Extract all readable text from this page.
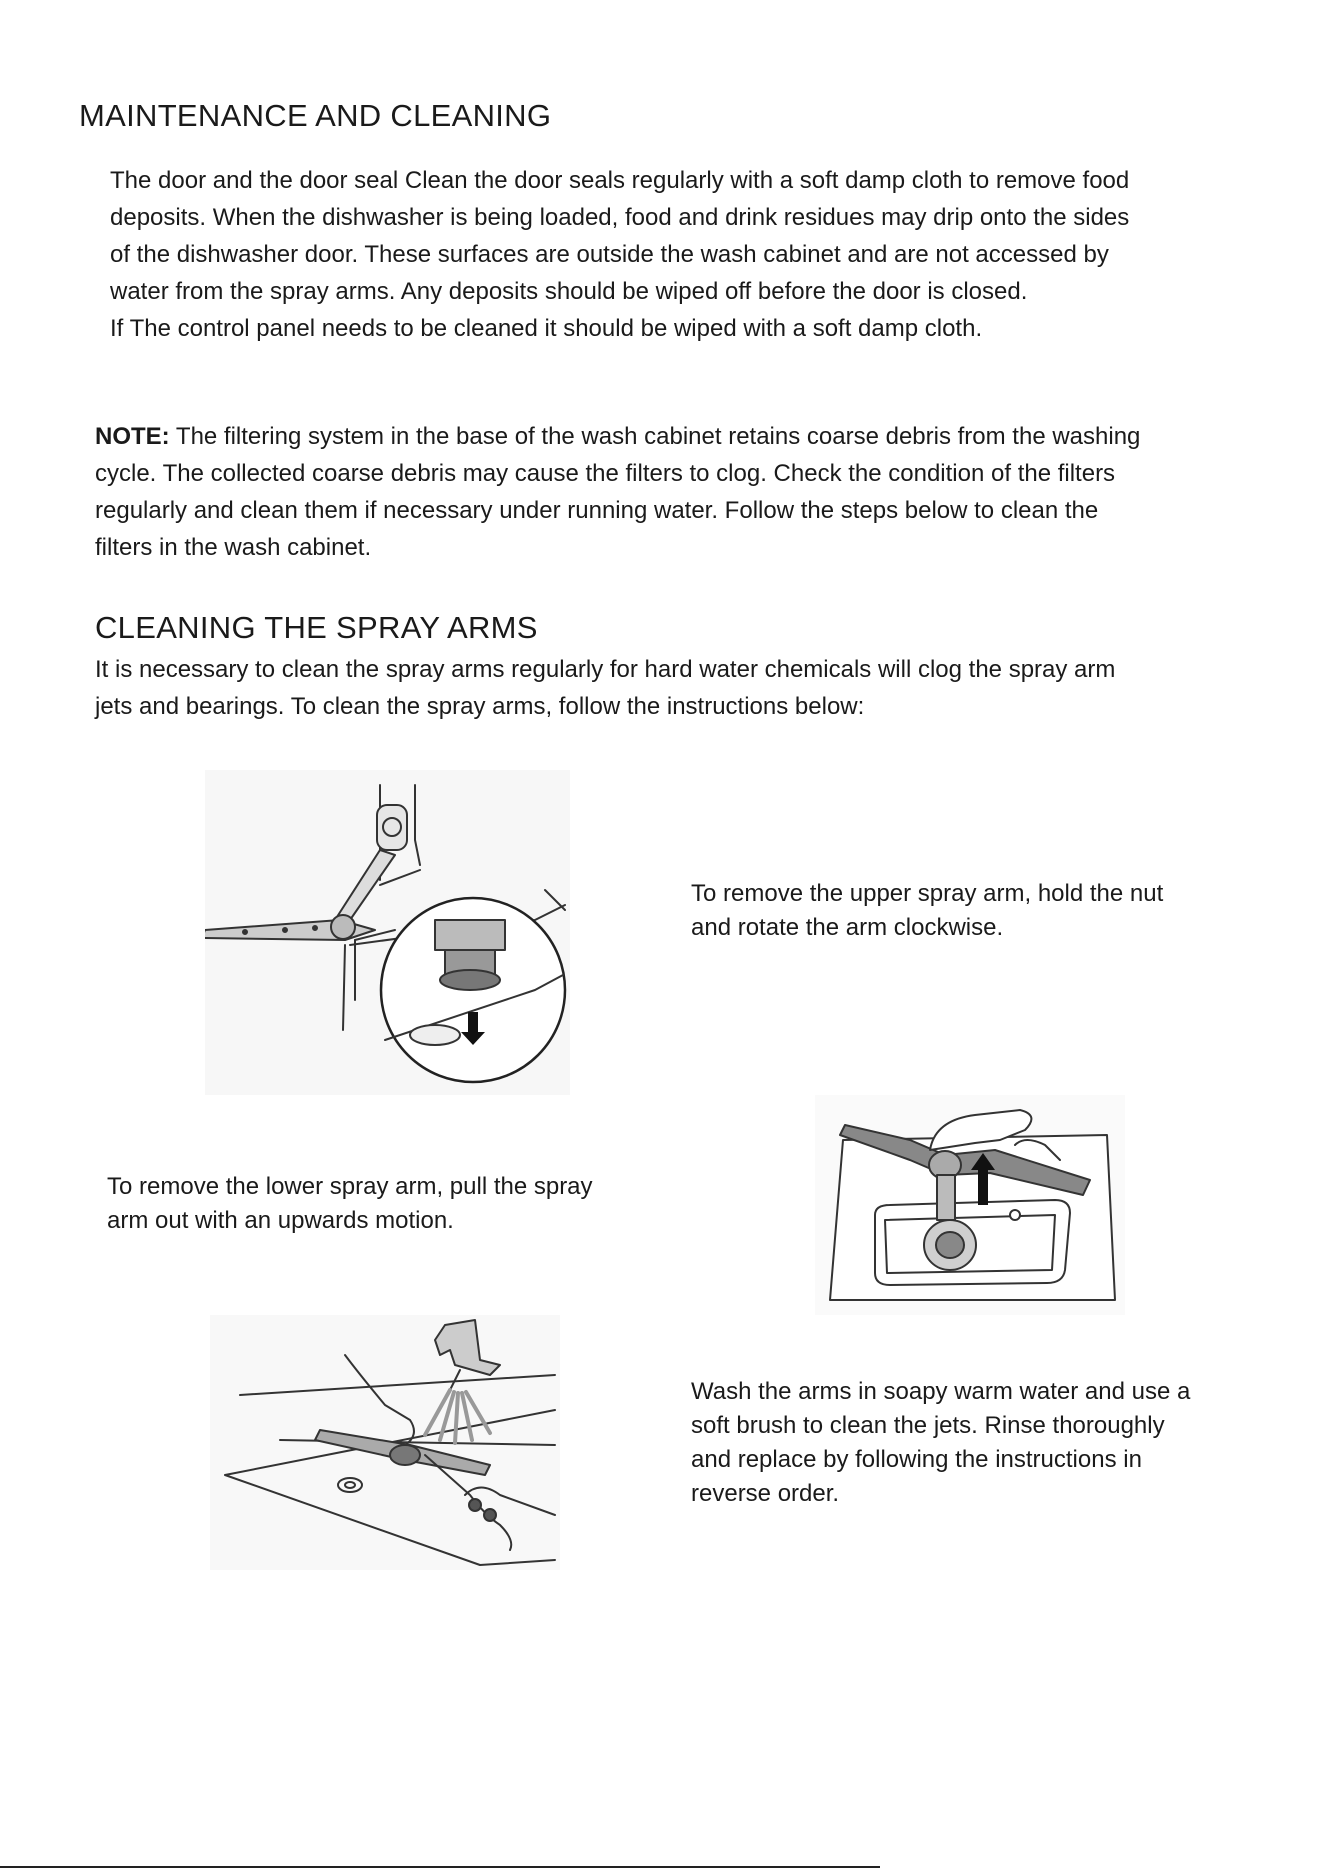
MAINTENANCE AND CLEANING

The door and the door seal Clean the door seals regularly with a soft damp cloth to remove food
deposits. When the dishwasher is being loaded, food and drink residues may drip onto the sides
of the dishwasher door. These surfaces are outside the wash cabinet and are not accessed by
water from the spray arms. Any deposits should be wiped off before the door is closed.
If The control panel needs to be cleaned it should be wiped with a soft damp cloth.

NOTE: The filtering system in the base of the wash cabinet retains coarse debris from the washing
cycle. The collected coarse debris may cause the filters to clog. Check the condition of the filters
regularly and clean them if necessary under running water. Follow the steps below to clean the
filters in the wash cabinet.

CLEANING THE SPRAY ARMS

It is necessary to clean the spray arms regularly for hard water chemicals will clog the spray arm
jets and bearings. To clean the spray arms, follow the instructions below:

To remove the upper spray arm, hold the nut
and rotate the arm clockwise.

To remove the lower spray arm, pull the spray
arm out with an upwards motion.

Wash the arms in soapy warm water and use a
soft brush to clean the jets. Rinse thoroughly
and replace by following the instructions in
reverse order.
